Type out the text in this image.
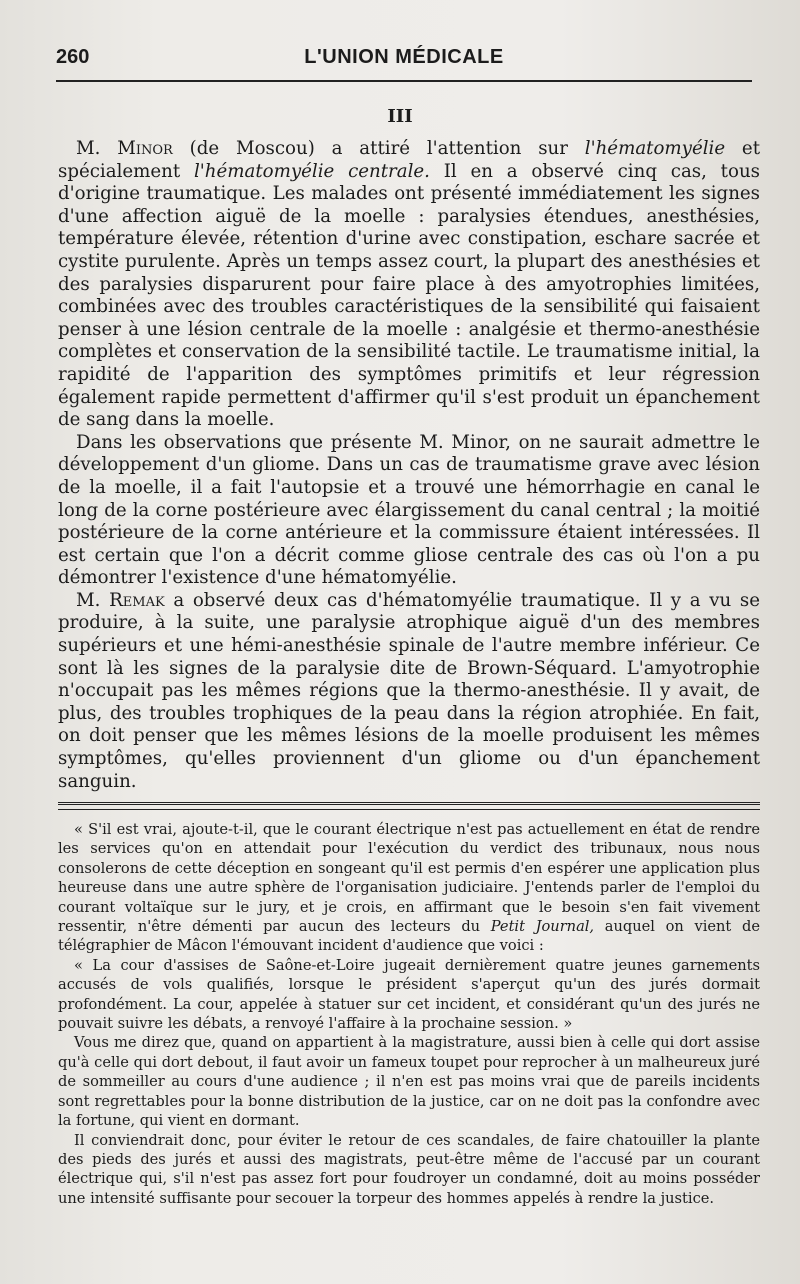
260	L'UNION MÉDICALE
III

M. Minor (de Moscou) a attiré l'attention sur l'hématomyélie et spécialement l'hématomyélie centrale. Il en a observé cinq cas, tous d'origine traumatique. Les malades ont présenté immédiatement les signes d'une affection aiguë de la moelle : paralysies étendues, anesthésies, température élevée, rétention d'urine avec constipation, eschare sacrée et cystite purulente. Après un temps assez court, la plupart des anesthésies et des paralysies disparurent pour faire place à des amyotrophies limitées, combinées avec des troubles caractéristiques de la sensibilité qui faisaient penser à une lésion centrale de la moelle : analgésie et thermo-anesthésie complètes et conservation de la sensibilité tactile. Le traumatisme initial, la rapidité de l'apparition des symptômes primitifs et leur régression également rapide permettent d'affirmer qu'il s'est produit un épanchement de sang dans la moelle.

Dans les observations que présente M. Minor, on ne saurait admettre le développement d'un gliome. Dans un cas de traumatisme grave avec lésion de la moelle, il a fait l'autopsie et a trouvé une hémorrhagie en canal le long de la corne postérieure avec élargissement du canal central ; la moitié postérieure de la corne antérieure et la commissure étaient intéressées. Il est certain que l'on a décrit comme gliose centrale des cas où l'on a pu démontrer l'existence d'une hématomyélie.

M. Remak a observé deux cas d'hématomyélie traumatique. Il y a vu se produire, à la suite, une paralysie atrophique aiguë d'un des membres supérieurs et une hémi-anesthésie spinale de l'autre membre inférieur. Ce sont là les signes de la paralysie dite de Brown-Séquard. L'amyotrophie n'occupait pas les mêmes régions que la thermo-anesthésie. Il y avait, de plus, des troubles trophiques de la peau dans la région atrophiée. En fait, on doit penser que les mêmes lésions de la moelle produisent les mêmes symptômes, qu'elles proviennent d'un gliome ou d'un épanchement sanguin.

« S'il est vrai, ajoute-t-il, que le courant électrique n'est pas actuellement en état de rendre les services qu'on en attendait pour l'exécution du verdict des tribunaux, nous nous consolerons de cette déception en songeant qu'il est permis d'en espérer une application plus heureuse dans une autre sphère de l'organisation judiciaire. J'entends parler de l'emploi du courant voltaïque sur le jury, et je crois, en affirmant que le besoin s'en fait vivement ressentir, n'être démenti par aucun des lecteurs du Petit Journal, auquel on vient de télégraphier de Mâcon l'émouvant incident d'audience que voici :

« La cour d'assises de Saône-et-Loire jugeait dernièrement quatre jeunes garnements accusés de vols qualifiés, lorsque le président s'aperçut qu'un des jurés dormait profondément. La cour, appelée à statuer sur cet incident, et considérant qu'un des jurés ne pouvait suivre les débats, a renvoyé l'affaire à la prochaine session. »

Vous me direz que, quand on appartient à la magistrature, aussi bien à celle qui dort assise qu'à celle qui dort debout, il faut avoir un fameux toupet pour reprocher à un malheureux juré de sommeiller au cours d'une audience ; il n'en est pas moins vrai que de pareils incidents sont regrettables pour la bonne distribution de la justice, car on ne doit pas la confondre avec la fortune, qui vient en dormant.

Il conviendrait donc, pour éviter le retour de ces scandales, de faire chatouiller la plante des pieds des jurés et aussi des magistrats, peut-être même de l'accusé par un courant électrique qui, s'il n'est pas assez fort pour foudroyer un condamné, doit au moins posséder une intensité suffisante pour secouer la torpeur des hommes appelés à rendre la justice.
